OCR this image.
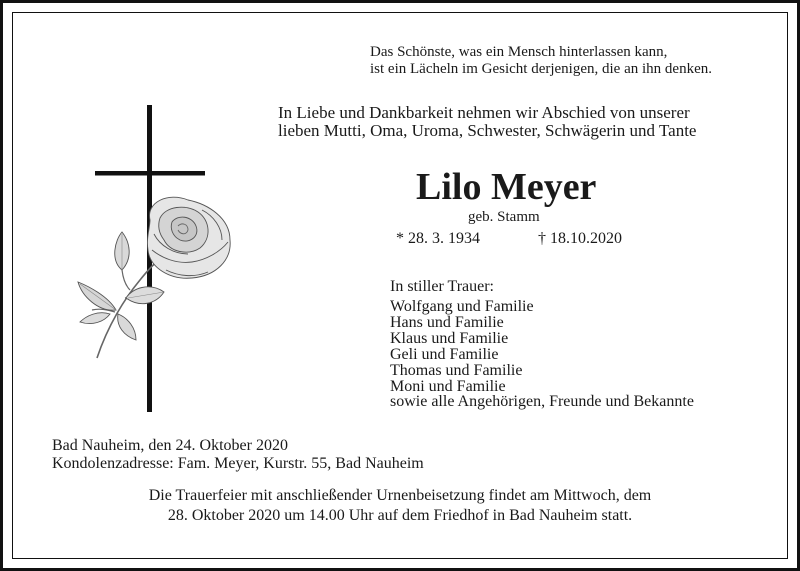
Das Schönste, was ein Mensch hinterlassen kann,
ist ein Lächeln im Gesicht derjenigen, die an ihn denken.
In Liebe und Dankbarkeit nehmen wir Abschied von unserer
lieben Mutti, Oma, Uroma, Schwester, Schwägerin und Tante
Lilo Meyer
geb. Stamm
* 28. 3. 1934	† 18.10.2020
In stiller Trauer:
Wolfgang und Familie
Hans und Familie
Klaus und Familie
Geli und Familie
Thomas und Familie
Moni und Familie
sowie alle Angehörigen, Freunde und Bekannte
Bad Nauheim, den 24. Oktober 2020
Kondolenzadresse: Fam. Meyer, Kurstr. 55, Bad Nauheim
Die Trauerfeier mit anschließender Urnenbeisetzung findet am Mittwoch, dem
28. Oktober 2020 um 14.00 Uhr auf dem Friedhof in Bad Nauheim statt.
